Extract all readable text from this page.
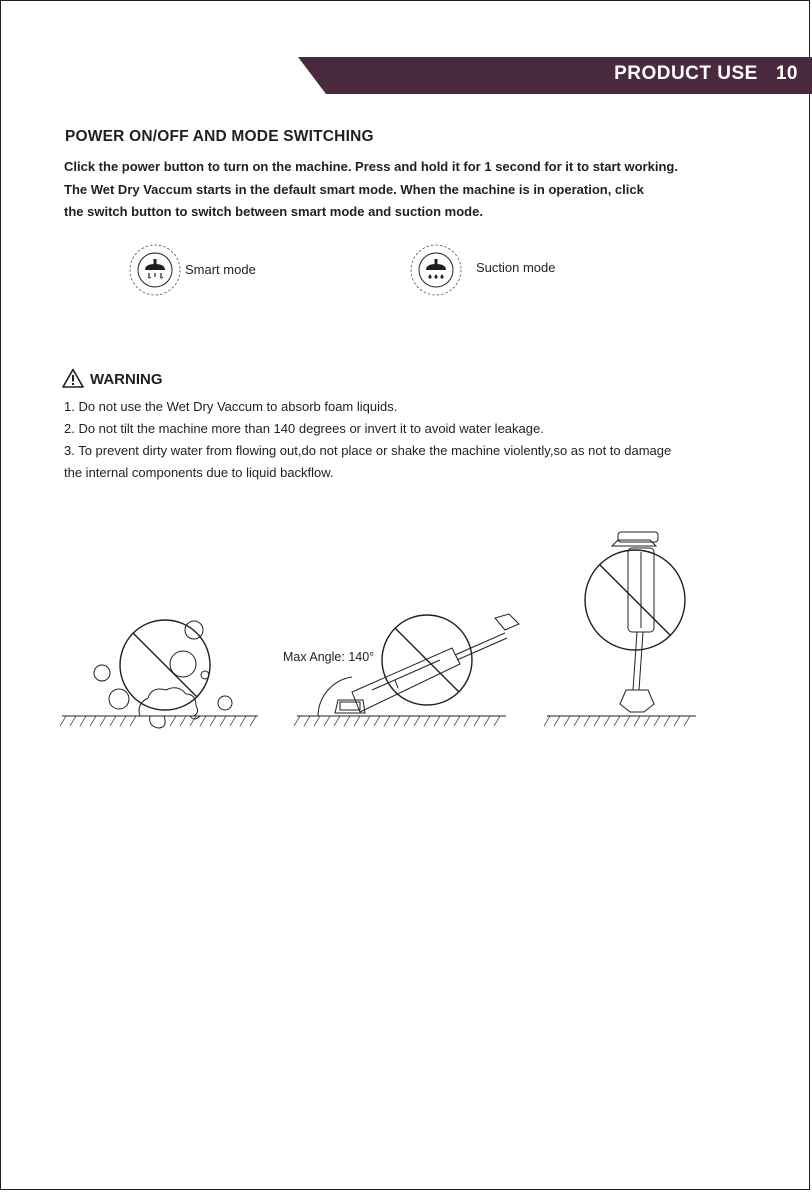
PRODUCT USE 10
POWER ON/OFF AND MODE SWITCHING

Click the power button to turn on the machine. Press and hold it for 1 second for it to start working.

The Wet Dry Vaccum starts in the default smart mode. When the machine is in operation, click

the switch button to switch between smart mode and suction mode.

Smart mode	Suction mode
WARNING

1. Do not use the Wet Dry Vaccum to absorb foam liquids.

2. Do not tilt the machine more than 140 degrees or invert it to avoid water leakage.

3. To prevent dirty water from flowing out,do not place or shake the machine violently,so as not to damage

the internal components due to liquid backflow.

Max Angle: 140°
